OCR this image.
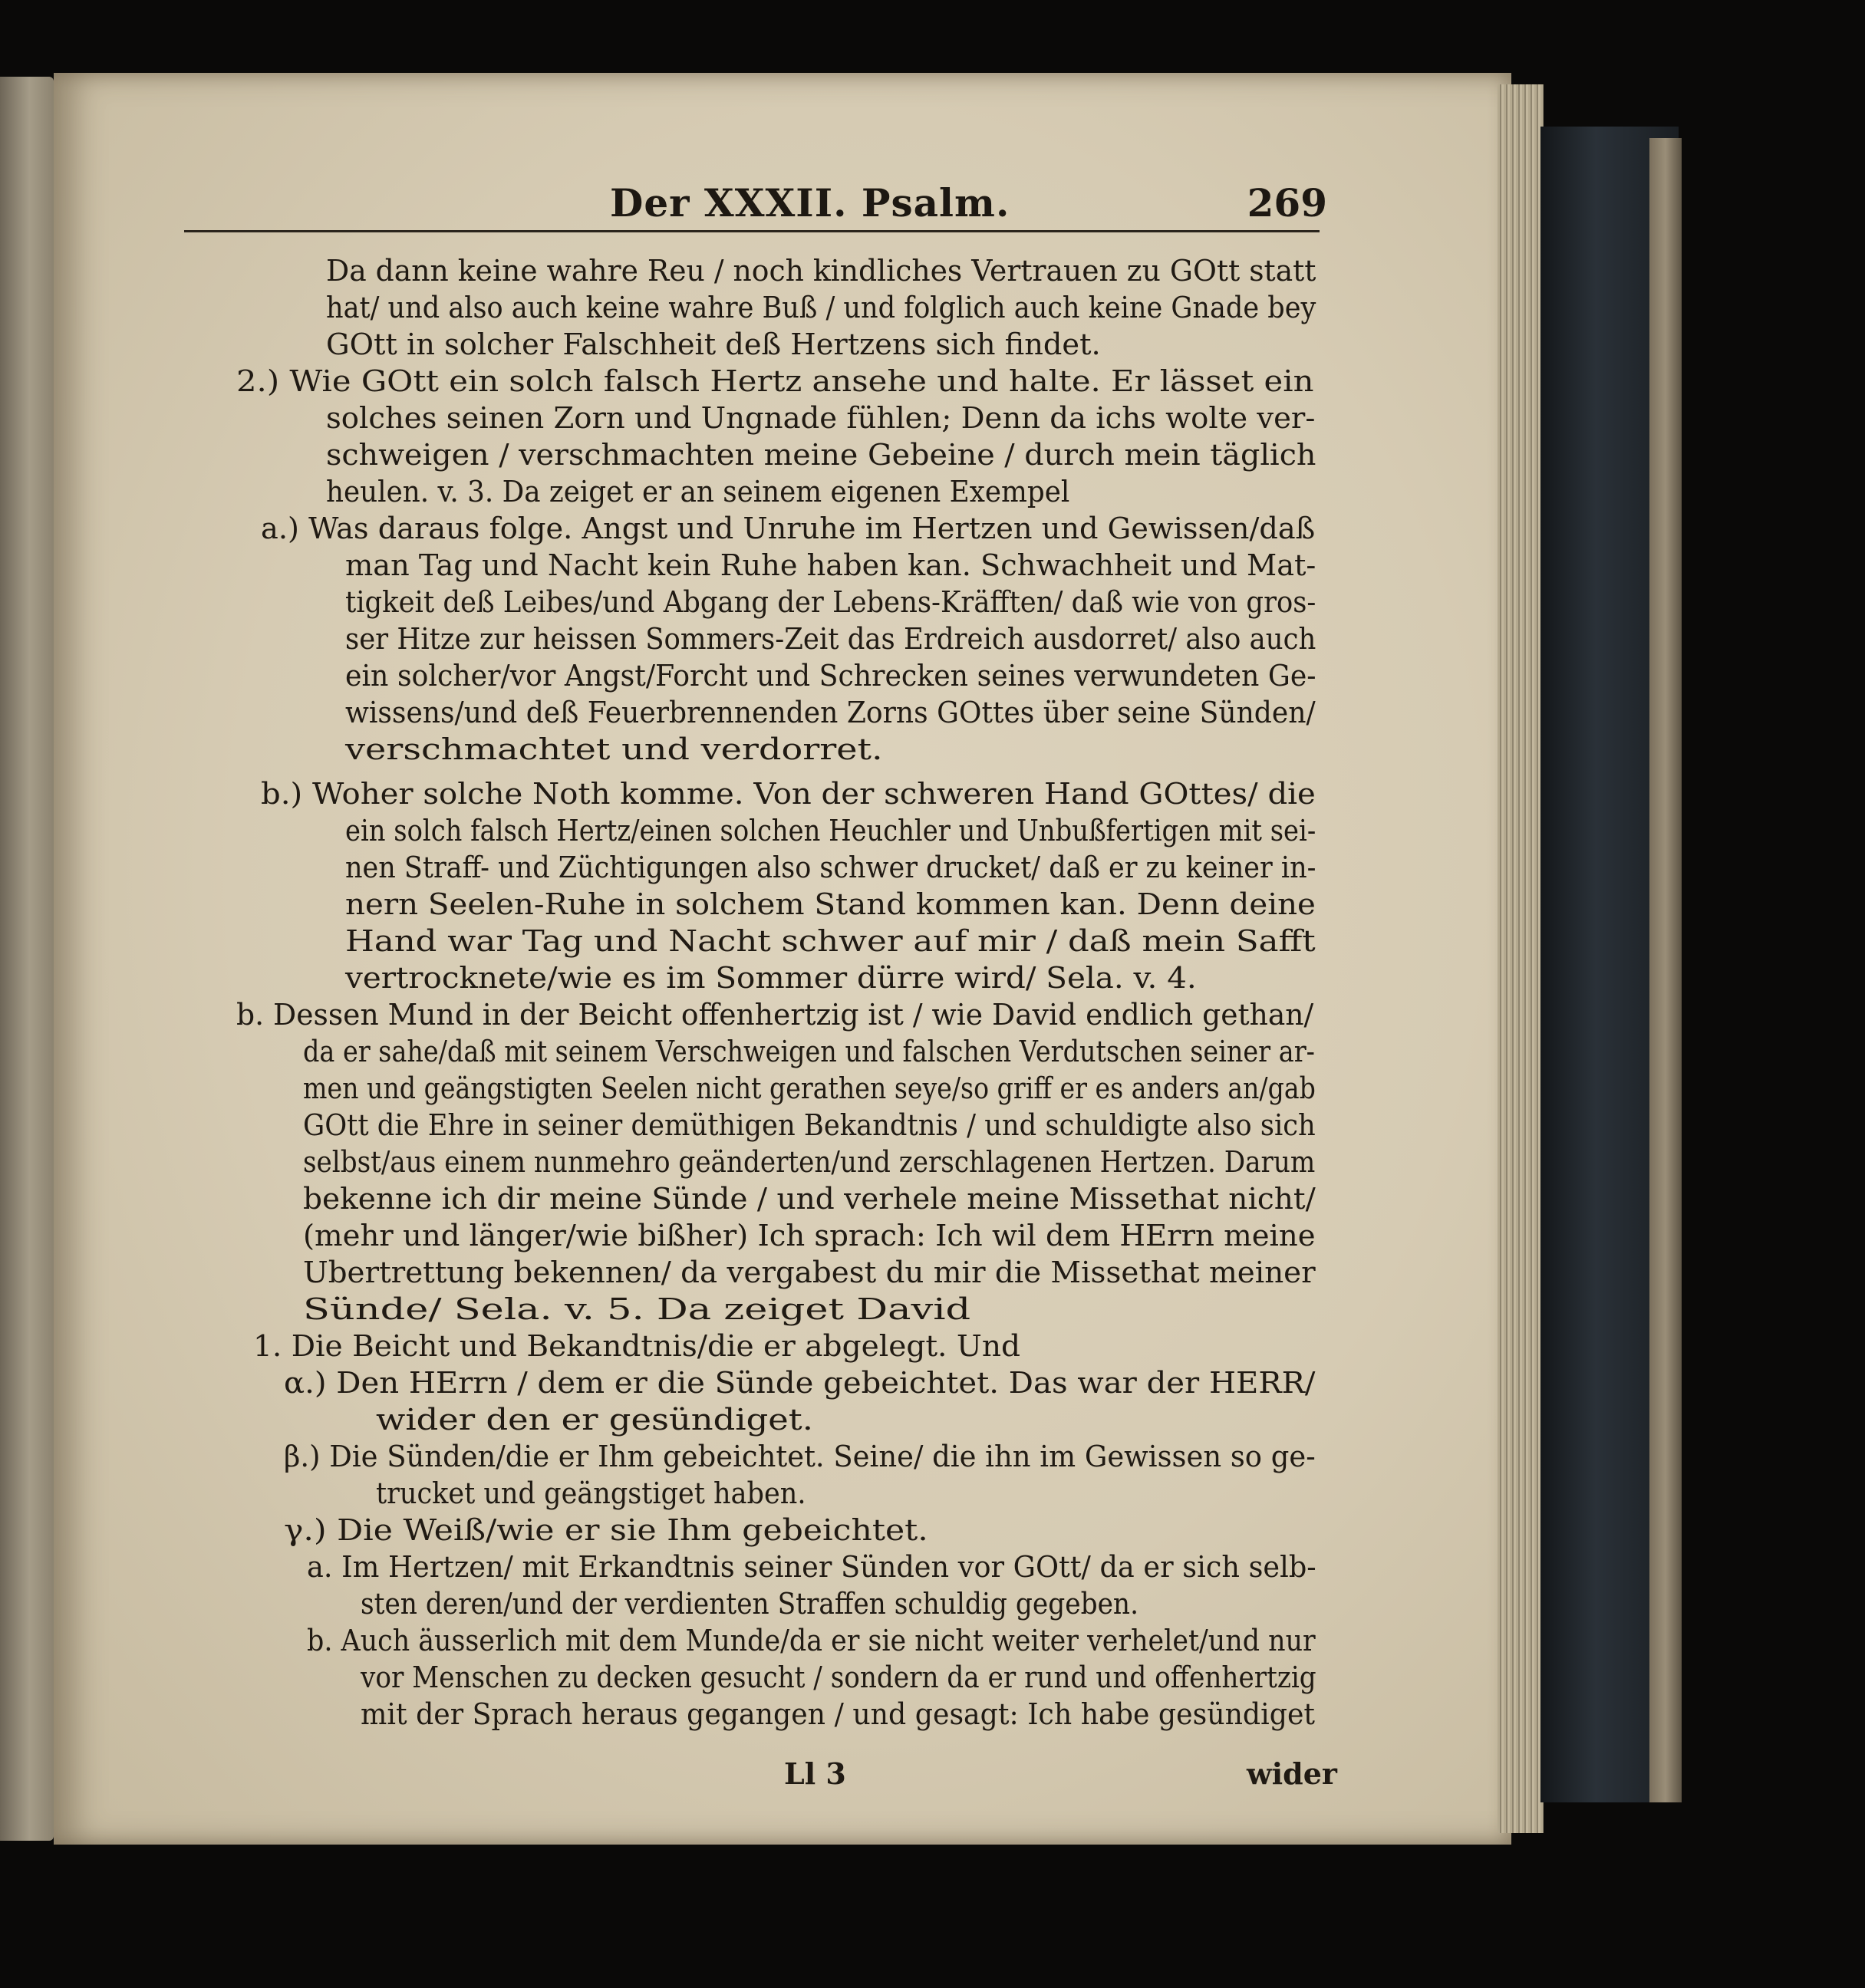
Der XXXII. Psalm.	269
Da dann keine wahre Reu / noch kindliches Vertrauen zu GOtt statt
hat/ und also auch keine wahre Buß / und folglich auch keine Gnade bey
GOtt in solcher Falschheit deß Hertzens sich findet.
2.) Wie GOtt ein solch falsch Hertz ansehe und halte. Er lässet ein
solches seinen Zorn und Ungnade fühlen; Denn da ichs wolte ver-
schweigen / verschmachten meine Gebeine / durch mein täglich
heulen. v. 3. Da zeiget er an seinem eigenen Exempel
a.) Was daraus folge. Angst und Unruhe im Hertzen und Gewissen/daß
man Tag und Nacht kein Ruhe haben kan. Schwachheit und Mat-
tigkeit deß Leibes/und Abgang der Lebens-Kräfften/ daß wie von gros-
ser Hitze zur heissen Sommers-Zeit das Erdreich ausdorret/ also auch
ein solcher/vor Angst/Forcht und Schrecken seines verwundeten Ge-
wissens/und deß Feuerbrennenden Zorns GOttes über seine Sünden/
verschmachtet und verdorret.
b.) Woher solche Noth komme. Von der schweren Hand GOttes/ die
ein solch falsch Hertz/einen solchen Heuchler und Unbußfertigen mit sei-
nen Straff- und Züchtigungen also schwer drucket/ daß er zu keiner in-
nern Seelen-Ruhe in solchem Stand kommen kan. Denn deine
Hand war Tag und Nacht schwer auf mir / daß mein Safft
vertrocknete/wie es im Sommer dürre wird/ Sela. v. 4.
b. Dessen Mund in der Beicht offenhertzig ist / wie David endlich gethan/
da er sahe/daß mit seinem Verschweigen und falschen Verdutschen seiner ar-
men und geängstigten Seelen nicht gerathen seye/so griff er es anders an/gab
GOtt die Ehre in seiner demüthigen Bekandtnis / und schuldigte also sich
selbst/aus einem nunmehro geänderten/und zerschlagenen Hertzen. Darum
bekenne ich dir meine Sünde / und verhele meine Missethat nicht/
(mehr und länger/wie bißher) Ich sprach: Ich wil dem HErrn meine
Ubertrettung bekennen/ da vergabest du mir die Missethat meiner
Sünde/ Sela. v. 5. Da zeiget David
1. Die Beicht und Bekandtnis/die er abgelegt. Und
α.) Den HErrn / dem er die Sünde gebeichtet. Das war der HERR/
wider den er gesündiget.
β.) Die Sünden/die er Ihm gebeichtet. Seine/ die ihn im Gewissen so ge-
trucket und geängstiget haben.
γ.) Die Weiß/wie er sie Ihm gebeichtet.
a. Im Hertzen/ mit Erkandtnis seiner Sünden vor GOtt/ da er sich selb-
sten deren/und der verdienten Straffen schuldig gegeben.
b. Auch äusserlich mit dem Munde/da er sie nicht weiter verhelet/und nur
vor Menschen zu decken gesucht / sondern da er rund und offenhertzig
mit der Sprach heraus gegangen / und gesagt: Ich habe gesündiget
Ll 3	wider
